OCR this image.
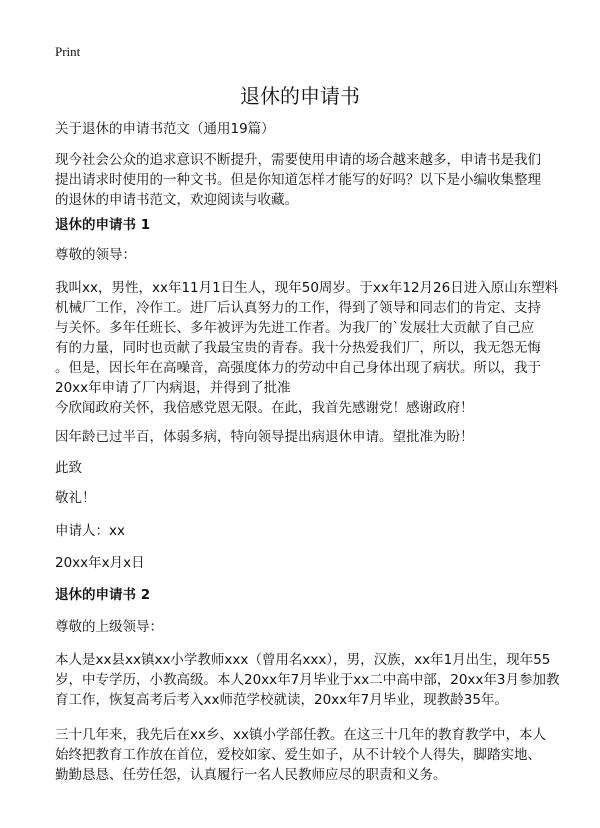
Print
退休的申请书
关于退休的申请书范文（通用19篇）
现今社会公众的追求意识不断提升，需要使用申请的场合越来越多，申请书是我们
提出请求时使用的一种文书。但是你知道怎样才能写的好吗？以下是小编收集整理
的退休的申请书范文，欢迎阅读与收藏。
退休的申请书 1
尊敬的领导：
我叫xx，男性，xx年11月1日生人，现年50周岁。于xx年12月26日进入原山东塑料
机械厂工作，冷作工。进厂后认真努力的工作，得到了领导和同志们的肯定、支持
与关怀。多年任班长、多年被评为先进工作者。为我厂的`发展壮大贡献了自己应
有的力量，同时也贡献了我最宝贵的青春。我十分热爱我们厂，所以，我无怨无悔
。但是，因长年在高噪音，高强度体力的劳动中自己身体出现了病状。所以，我于
20xx年申请了厂内病退，并得到了批准
今欣闻政府关怀，我倍感党恩无限。在此，我首先感谢党！感谢政府！
因年龄已过半百，体弱多病，特向领导提出病退休申请。望批准为盼！
此致
敬礼！
申请人：xx
20xx年x月x日
退休的申请书 2
尊敬的上级领导：
本人是xx县xx镇xx小学教师xxx（曾用名xxx），男，汉族，xx年1月出生，现年55
岁，中专学历，小教高级。本人20xx年7月毕业于xx二中高中部，20xx年3月参加教
育工作，恢复高考后考入xx师范学校就读，20xx年7月毕业，现教龄35年。
三十几年来，我先后在xx乡、xx镇小学部任教。在这三十几年的教育教学中，本人
始终把教育工作放在首位，爱校如家、爱生如子，从不计较个人得失，脚踏实地、
勤勤恳恳、任劳任怨，认真履行一名人民教师应尽的职责和义务。
